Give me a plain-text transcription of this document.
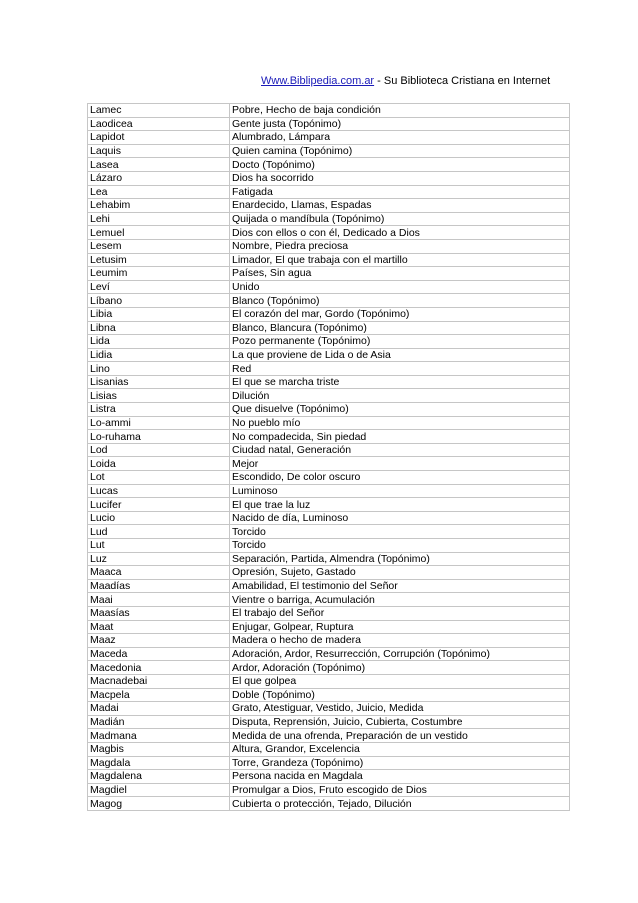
Www.Biblipedia.com.ar - Su Biblioteca Cristiana en Internet
Lamec	Pobre, Hecho de baja condición
Laodicea	Gente justa (Topónimo)
Lapidot	Alumbrado, Lámpara
Laquis	Quien camina (Topónimo)
Lasea	Docto (Topónimo)
Lázaro	Dios ha socorrido
Lea	Fatigada
Lehabim	Enardecido, Llamas, Espadas
Lehi	Quijada o mandíbula (Topónimo)
Lemuel	Dios con ellos o con él, Dedicado a Dios
Lesem	Nombre, Piedra preciosa
Letusim	Limador, El que trabaja con el martillo
Leumim	Países, Sin agua
Leví	Unido
Líbano	Blanco (Topónimo)
Libia	El corazón del mar, Gordo (Topónimo)
Libna	Blanco, Blancura (Topónimo)
Lida	Pozo permanente (Topónimo)
Lidia	La que proviene de Lida o de Asia
Lino	Red
Lisanias	El que se marcha triste
Lisias	Dilución
Listra	Que disuelve (Topónimo)
Lo-ammi	No pueblo mío
Lo-ruhama	No compadecida, Sin piedad
Lod	Ciudad natal, Generación
Loida	Mejor
Lot	Escondido, De color oscuro
Lucas	Luminoso
Lucifer	El que trae la luz
Lucio	Nacido de día, Luminoso
Lud	Torcido
Lut	Torcido
Luz	Separación, Partida, Almendra (Topónimo)
Maaca	Opresión, Sujeto, Gastado
Maadías	Amabilidad, El testimonio del Señor
Maai	Vientre o barriga, Acumulación
Maasías	El trabajo del Señor
Maat	Enjugar, Golpear, Ruptura
Maaz	Madera o hecho de madera
Maceda	Adoración, Ardor, Resurrección, Corrupción (Topónimo)
Macedonia	Ardor, Adoración (Topónimo)
Macnadebai	El que golpea
Macpela	Doble (Topónimo)
Madai	Grato, Atestiguar, Vestido, Juicio, Medida
Madián	Disputa, Reprensión, Juicio, Cubierta, Costumbre
Madmana	Medida de una ofrenda, Preparación de un vestido
Magbis	Altura, Grandor, Excelencia
Magdala	Torre, Grandeza (Topónimo)
Magdalena	Persona nacida en Magdala
Magdiel	Promulgar a Dios, Fruto escogido de Dios
Magog	Cubierta o protección, Tejado, Dilución
